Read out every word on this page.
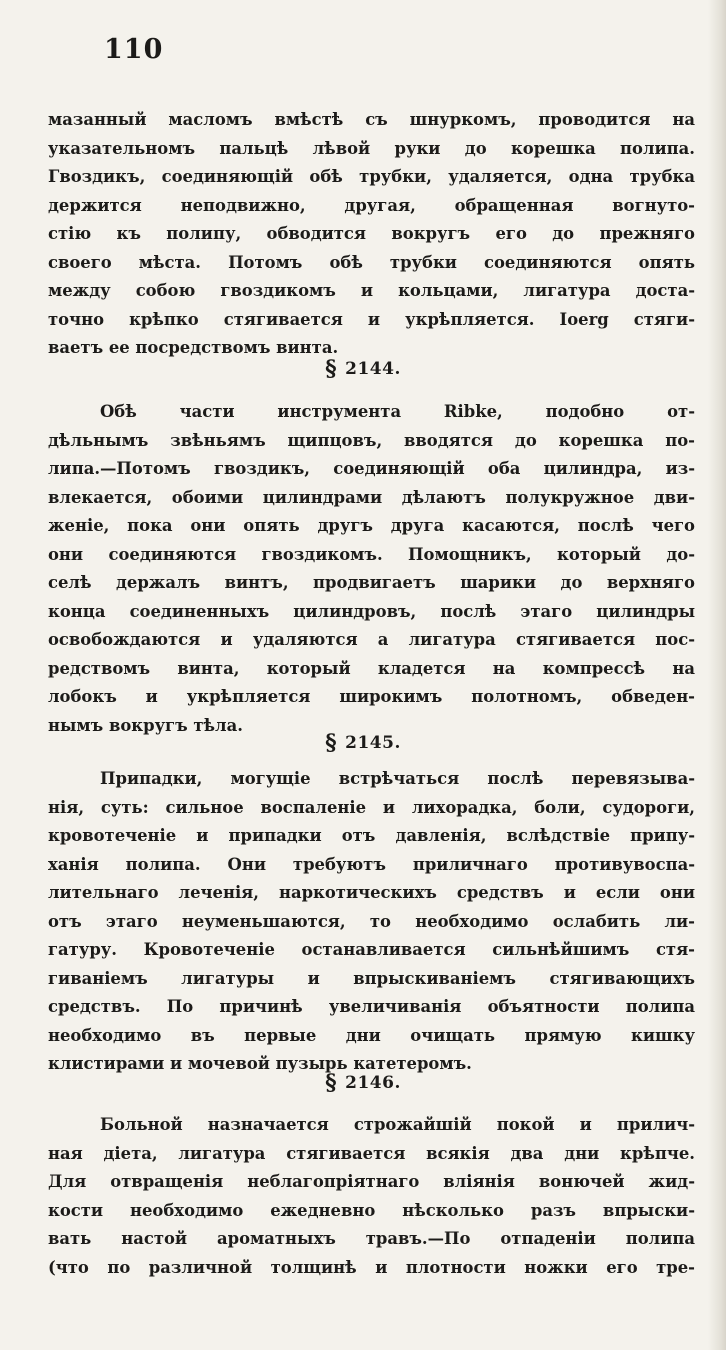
110
мазанный масломъ вмѣстѣ съ шнуркомъ, проводится на
указательномъ пальцѣ лѣвой руки до корешка полипа.
Гвоздикъ, соединяющій обѣ трубки, удаляется, одна трубка
держится неподвижно, другая, обращенная вогнуто-
стію къ полипу, обводится вокругъ его до прежняго
своего мѣста. Потомъ обѣ трубки соединяются опять
между собою гвоздикомъ и кольцами, лигатура доста-
точно крѣпко стягивается и укрѣпляется. Ioerg стяги-
ваетъ ее посредствомъ винта.
§ 2144.
Обѣ части инструмента Ribke, подобно от-
дѣльнымъ звѣньямъ щипцовъ, вводятся до корешка по-
липа.—Потомъ гвоздикъ, соединяющій оба цилиндра, из-
влекается, обоими цилиндрами дѣлаютъ полукружное дви-
женіе, пока они опять другъ друга касаются, послѣ чего
они соединяются гвоздикомъ. Помощникъ, который до-
селѣ держалъ винтъ, продвигаетъ шарики до верхняго
конца соединенныхъ цилиндровъ, послѣ этаго цилиндры
освобождаются и удаляются а лигатура стягивается пос-
редствомъ винта, который кладется на компрессѣ на
лобокъ и укрѣпляется широкимъ полотномъ, обведен-
нымъ вокругъ тѣла.
§ 2145.
Припадки, могущіе встрѣчаться послѣ перевязыва-
нія, суть: сильное воспаленіе и лихорадка, боли, судороги,
кровотеченіе и припадки отъ давленія, вслѣдствіе припу-
ханія полипа. Они требуютъ приличнаго противувоспа-
лительнаго леченія, наркотическихъ средствъ и если они
отъ этаго неуменьшаются, то необходимо ослабить ли-
гатуру. Кровотеченіе останавливается сильнѣйшимъ стя-
гиваніемъ лигатуры и впрыскиваніемъ стягивающихъ
средствъ. По причинѣ увеличиванія объятности полипа
необходимо въ первые дни очищать прямую кишку
клистирами и мочевой пузырь катетеромъ.
§ 2146.
Больной назначается строжайшій покой и прилич-
ная діета, лигатура стягивается всякія два дни крѣпче.
Для отвращенія неблагопріятнаго вліянія вонючей жид-
кости необходимо ежедневно нѣсколько разъ впрыски-
вать настой ароматныхъ травъ.—По отпаденіи полипа
(что по различной толщинѣ и плотности ножки его тре-
